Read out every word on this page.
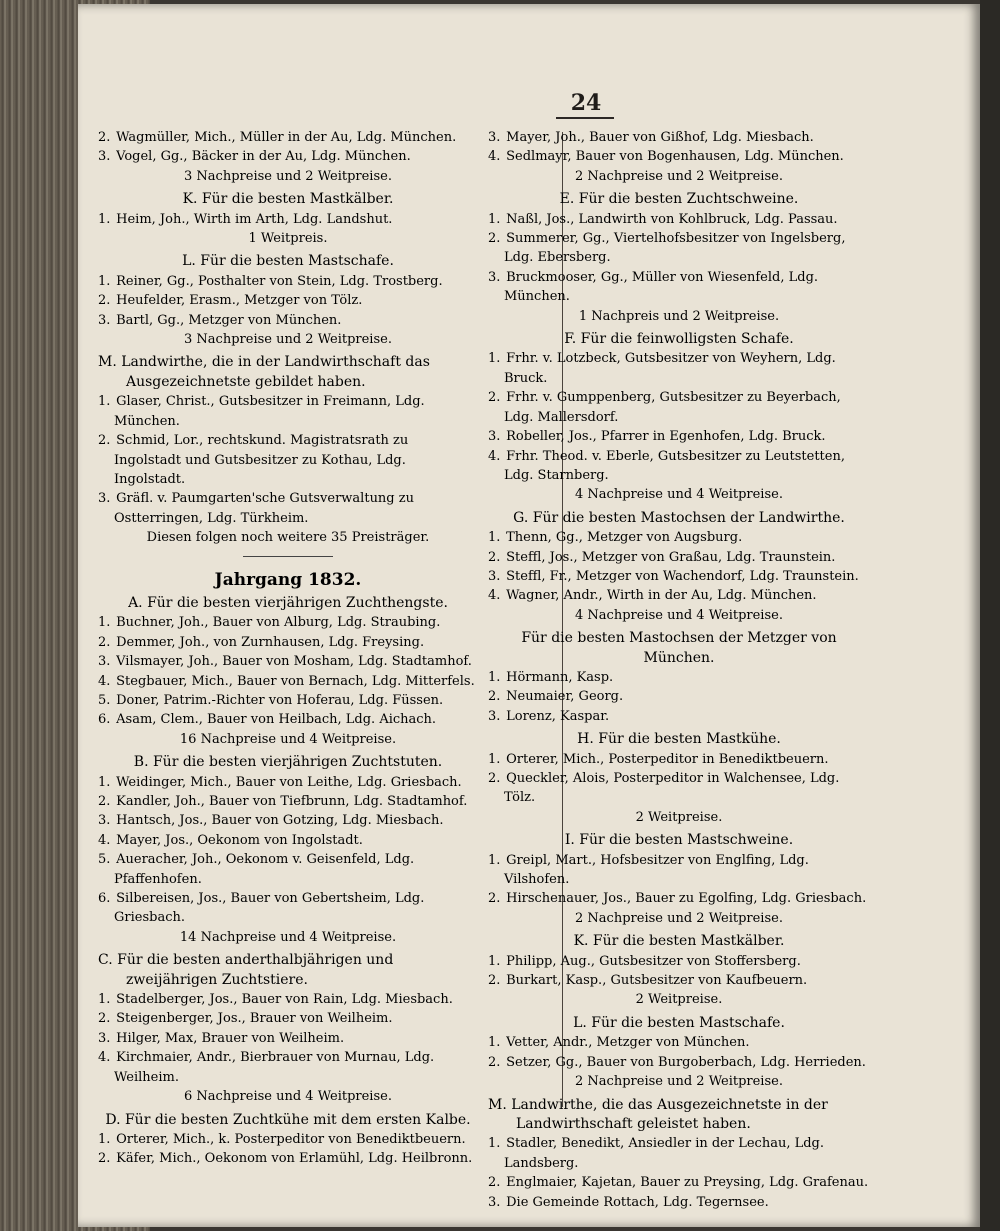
24
2. Wagmüller, Mich., Müller in der Au, Ldg. München.
3. Vogel, Gg., Bäcker in der Au, Ldg. München.
3 Nachpreise und 2 Weitpreise.
K. Für die besten Mastkälber.
1. Heim, Joh., Wirth im Arth, Ldg. Landshut.
1 Weitpreis.
L. Für die besten Mastschafe.
1. Reiner, Gg., Posthalter von Stein, Ldg. Trostberg.
2. Heufelder, Erasm., Metzger von Tölz.
3. Bartl, Gg., Metzger von München.
3 Nachpreise und 2 Weitpreise.
M. Landwirthe, die in der Landwirthschaft das Ausgezeichnetste gebildet haben.
1. Glaser, Christ., Gutsbesitzer in Freimann, Ldg. München.
2. Schmid, Lor., rechtskund. Magistratsrath zu Ingolstadt und Gutsbesitzer zu Kothau, Ldg. Ingolstadt.
3. Gräfl. v. Paumgarten'sche Gutsverwaltung zu Ostterringen, Ldg. Türkheim.
Diesen folgen noch weitere 35 Preisträger.
Jahrgang 1832.
A. Für die besten vierjährigen Zuchthengste.
1. Buchner, Joh., Bauer von Alburg, Ldg. Straubing.
2. Demmer, Joh., von Zurnhausen, Ldg. Freysing.
3. Vilsmayer, Joh., Bauer von Mosham, Ldg. Stadtamhof.
4. Stegbauer, Mich., Bauer von Bernach, Ldg. Mitterfels.
5. Doner, Patrim.-Richter von Hoferau, Ldg. Füssen.
6. Asam, Clem., Bauer von Heilbach, Ldg. Aichach.
16 Nachpreise und 4 Weitpreise.
B. Für die besten vierjährigen Zuchtstuten.
1. Weidinger, Mich., Bauer von Leithe, Ldg. Griesbach.
2. Kandler, Joh., Bauer von Tiefbrunn, Ldg. Stadtamhof.
3. Hantsch, Jos., Bauer von Gotzing, Ldg. Miesbach.
4. Mayer, Jos., Oekonom von Ingolstadt.
5. Aueracher, Joh., Oekonom v. Geisenfeld, Ldg. Pfaffenhofen.
6. Silbereisen, Jos., Bauer von Gebertsheim, Ldg. Griesbach.
14 Nachpreise und 4 Weitpreise.
C. Für die besten anderthalbjährigen und zweijährigen Zuchtstiere.
1. Stadelberger, Jos., Bauer von Rain, Ldg. Miesbach.
2. Steigenberger, Jos., Brauer von Weilheim.
3. Hilger, Max, Brauer von Weilheim.
4. Kirchmaier, Andr., Bierbrauer von Murnau, Ldg. Weilheim.
6 Nachpreise und 4 Weitpreise.
D. Für die besten Zuchtkühe mit dem ersten Kalbe.
1. Orterer, Mich., k. Posterpeditor von Benediktbeuern.
2. Käfer, Mich., Oekonom von Erlamühl, Ldg. Heilbronn.
3. Mayer, Joh., Bauer von Gißhof, Ldg. Miesbach.
4. Sedlmayr, Bauer von Bogenhausen, Ldg. München.
2 Nachpreise und 2 Weitpreise.
E. Für die besten Zuchtschweine.
1. Naßl, Jos., Landwirth von Kohlbruck, Ldg. Passau.
2. Summerer, Gg., Viertelhofsbesitzer von Ingelsberg, Ldg. Ebersberg.
3. Bruckmooser, Gg., Müller von Wiesenfeld, Ldg. München.
1 Nachpreis und 2 Weitpreise.
F. Für die feinwolligsten Schafe.
1. Frhr. v. Lotzbeck, Gutsbesitzer von Weyhern, Ldg. Bruck.
2. Frhr. v. Gumppenberg, Gutsbesitzer zu Beyerbach, Ldg. Mallersdorf.
3. Robeller, Jos., Pfarrer in Egenhofen, Ldg. Bruck.
4. Frhr. Theod. v. Eberle, Gutsbesitzer zu Leutstetten, Ldg. Starnberg.
4 Nachpreise und 4 Weitpreise.
G. Für die besten Mastochsen der Landwirthe.
1. Thenn, Gg., Metzger von Augsburg.
2. Steffl, Jos., Metzger von Graßau, Ldg. Traunstein.
3. Steffl, Fr., Metzger von Wachendorf, Ldg. Traunstein.
4. Wagner, Andr., Wirth in der Au, Ldg. München.
4 Nachpreise und 4 Weitpreise.
Für die besten Mastochsen der Metzger von München.
1. Hörmann, Kasp.
2. Neumaier, Georg.
3. Lorenz, Kaspar.
H. Für die besten Mastkühe.
1. Orterer, Mich., Posterpeditor in Benediktbeuern.
2. Queckler, Alois, Posterpeditor in Walchensee, Ldg. Tölz.
2 Weitpreise.
I. Für die besten Mastschweine.
1. Greipl, Mart., Hofsbesitzer von Englfing, Ldg. Vilshofen.
2. Hirschenauer, Jos., Bauer zu Egolfing, Ldg. Griesbach.
2 Nachpreise und 2 Weitpreise.
K. Für die besten Mastkälber.
1. Philipp, Aug., Gutsbesitzer von Stoffersberg.
2. Burkart, Kasp., Gutsbesitzer von Kaufbeuern.
2 Weitpreise.
L. Für die besten Mastschafe.
1. Vetter, Andr., Metzger von München.
2. Setzer, Gg., Bauer von Burgoberbach, Ldg. Herrieden.
2 Nachpreise und 2 Weitpreise.
M. Landwirthe, die das Ausgezeichnetste in der Landwirthschaft geleistet haben.
1. Stadler, Benedikt, Ansiedler in der Lechau, Ldg. Landsberg.
2. Englmaier, Kajetan, Bauer zu Preysing, Ldg. Grafenau.
3. Die Gemeinde Rottach, Ldg. Tegernsee.
